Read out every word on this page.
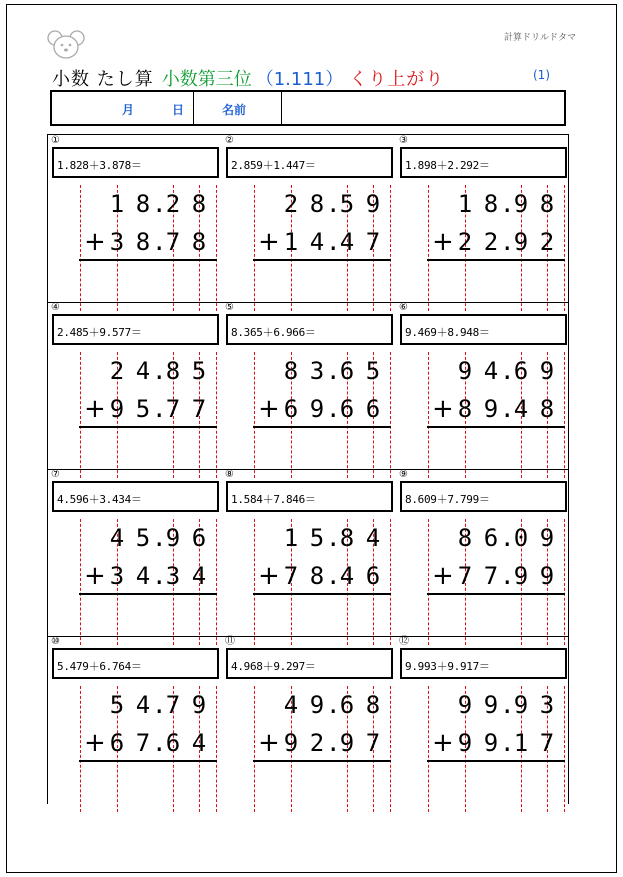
計算ドリルドタマ
小数 たし算 小数第三位 （1.111） くり上がり	(1)
月	日	名前
①
1.828＋3.878＝
1 8 2 8
.
3 8 7 8
.
+
②
2.859＋1.447＝
2 8 5 9
.
1 4 4 7
.
+
③
1.898＋2.292＝
1 8 9 8
.
2 2 9 2
.
+
④
2.485＋9.577＝
2 4 8 5
.
9 5 7 7
.
+
⑤
8.365＋6.966＝
8 3 6 5
.
6 9 6 6
.
+
⑥
9.469＋8.948＝
9 4 6 9
.
8 9 4 8
.
+
⑦
4.596＋3.434＝
4 5 9 6
.
3 4 3 4
.
+
⑧
1.584＋7.846＝
1 5 8 4
.
7 8 4 6
.
+
⑨
8.609＋7.799＝
8 6 0 9
.
7 7 9 9
.
+
⑩
5.479＋6.764＝
5 4 7 9
.
6 7 6 4
.
+
⑪
4.968＋9.297＝
4 9 6 8
.
9 2 9 7
.
+
⑫
9.993＋9.917＝
9 9 9 3
.
9 9 1 7
.
+
